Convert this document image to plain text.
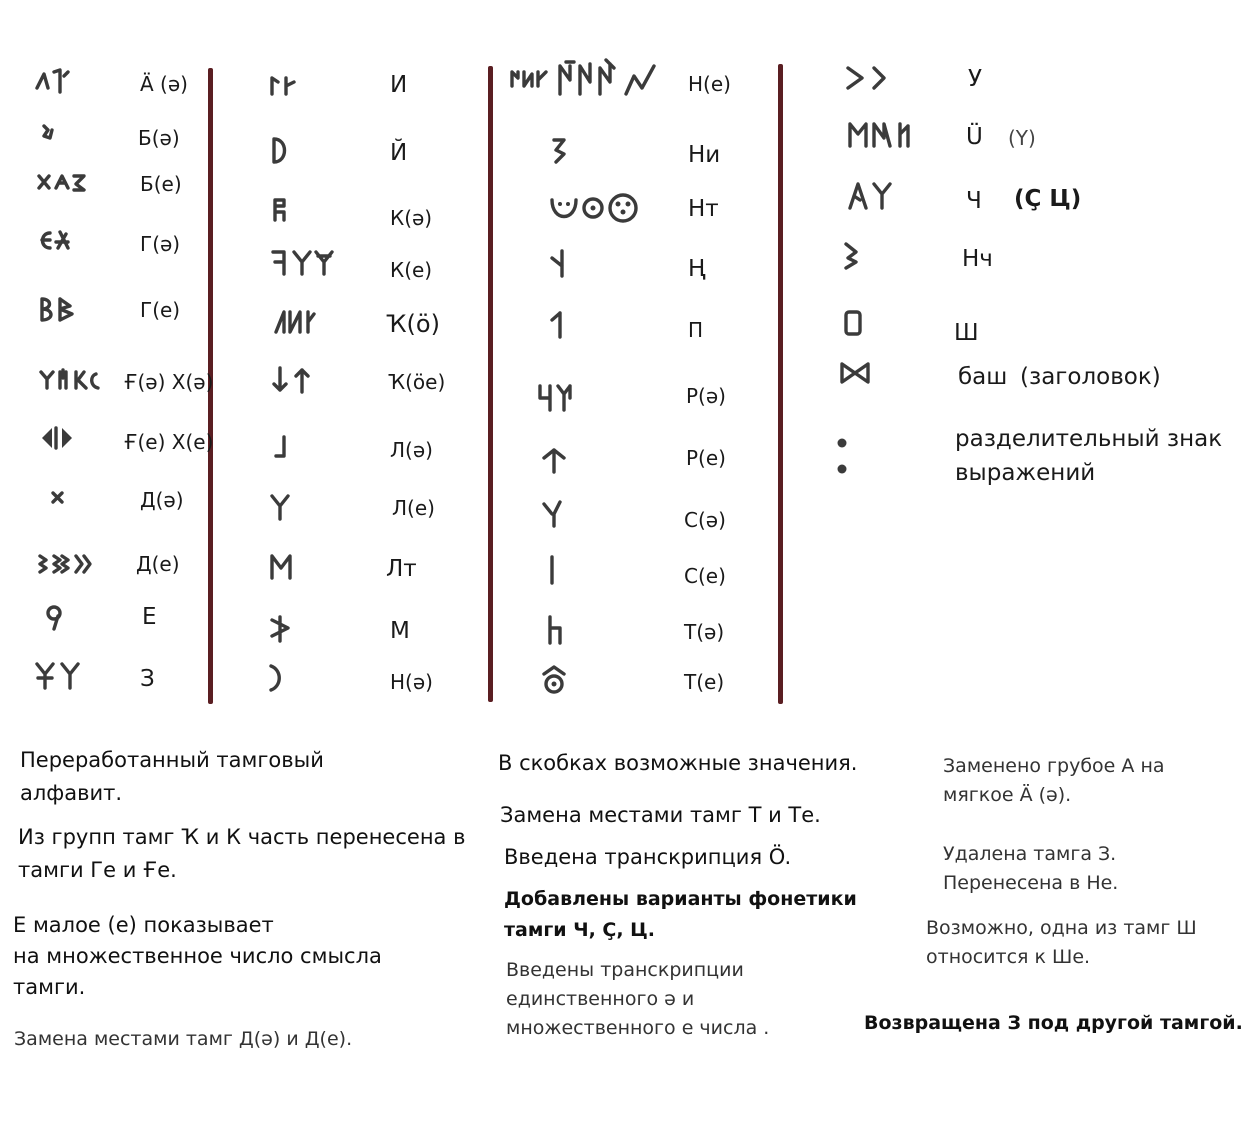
Ä (ə)
Б(ə)
Б(е)
Г(ə)
Г(е)
Ғ(ə) Х(ə)
Ғ(е) Х(е)
Д(ə)
Д(е)
Е
З
И
Й
К(ə)
К(е)
Ҡ(ö)
Ҡ(öе)
Л(ə)
Л(е)
Лт
М
Н(ə)
Н(е)
Ни
Нт
Ң
П
Р(ə)
Р(е)
С(ə)
С(е)
Т(ə)
Т(е)
У
Ü (Y)
Ч (Ç Ц)
Нч
Ш
баш (заголовок)
разделительный знак
выражений
Переработанный тамговый
алфавит.
Из групп тамг Ҡ и К часть перенесена в
тамги Ге и Ғе.
Е малое (е) показывает
на множественное число смысла
тамги.
Замена местами тамг Д(ə) и Д(е).
В скобках возможные значения.
Замена местами тамг Т и Те.
Введена транскрипция Ö.
Добавлены варианты фонетики
тамги Ч, Ç, Ц.
Введены транскрипции
единственного ə и
множественного е числа .
Заменено грубое А на
мягкое Ä (ə).
Удалена тамга З.
Перенесена в Не.
Возможно, одна из тамг Ш
относится к Ше.
Возвращена З под другой тамгой.
